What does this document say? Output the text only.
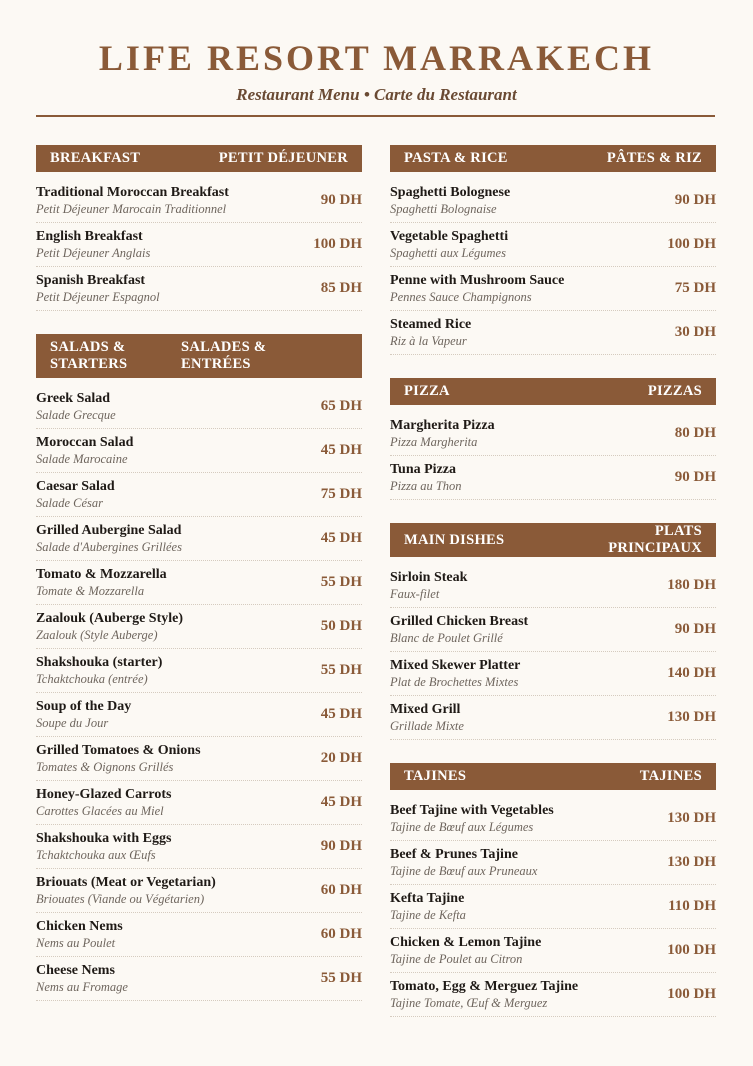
LIFE RESORT MARRAKECH
Restaurant Menu • Carte du Restaurant
BREAKFAST	PETIT DÉJEUNER
Traditional Moroccan Breakfast
Petit Déjeuner Marocain Traditionnel
90 DH
English Breakfast
Petit Déjeuner Anglais
100 DH
Spanish Breakfast
Petit Déjeuner Espagnol
85 DH
SALADS & STARTERS
SALADES & ENTRÉES
Greek Salad
Salade Grecque
65 DH
Moroccan Salad
Salade Marocaine
45 DH
Caesar Salad
Salade César
75 DH
Grilled Aubergine Salad
Salade d'Aubergines Grillées
45 DH
Tomato & Mozzarella
Tomate & Mozzarella
55 DH
Zaalouk (Auberge Style)
Zaalouk (Style Auberge)
50 DH
Shakshouka (starter)
Tchaktchouka (entrée)
55 DH
Soup of the Day
Soupe du Jour
45 DH
Grilled Tomatoes & Onions
Tomates & Oignons Grillés
20 DH
Honey-Glazed Carrots
Carottes Glacées au Miel
45 DH
Shakshouka with Eggs
Tchaktchouka aux Œufs
90 DH
Briouats (Meat or Vegetarian)
Briouates (Viande ou Végétarien)
60 DH
Chicken Nems
Nems au Poulet
60 DH
Cheese Nems
Nems au Fromage
55 DH
PASTA & RICE	PÂTES & RIZ
Spaghetti Bolognese
Spaghetti Bolognaise
90 DH
Vegetable Spaghetti
Spaghetti aux Légumes
100 DH
Penne with Mushroom Sauce
Pennes Sauce Champignons
75 DH
Steamed Rice
Riz à la Vapeur
30 DH
PIZZA	PIZZAS
Margherita Pizza
Pizza Margherita
80 DH
Tuna Pizza
Pizza au Thon
90 DH
MAIN DISHES
PLATS PRINCIPAUX
Sirloin Steak
Faux-filet
180 DH
Grilled Chicken Breast
Blanc de Poulet Grillé
90 DH
Mixed Skewer Platter
Plat de Brochettes Mixtes
140 DH
Mixed Grill
Grillade Mixte
130 DH
TAJINES	TAJINES
Beef Tajine with Vegetables
Tajine de Bœuf aux Légumes
130 DH
Beef & Prunes Tajine
Tajine de Bœuf aux Pruneaux
130 DH
Kefta Tajine
Tajine de Kefta
110 DH
Chicken & Lemon Tajine
Tajine de Poulet au Citron
100 DH
Tomato, Egg & Merguez Tajine
Tajine Tomate, Œuf & Merguez
100 DH
